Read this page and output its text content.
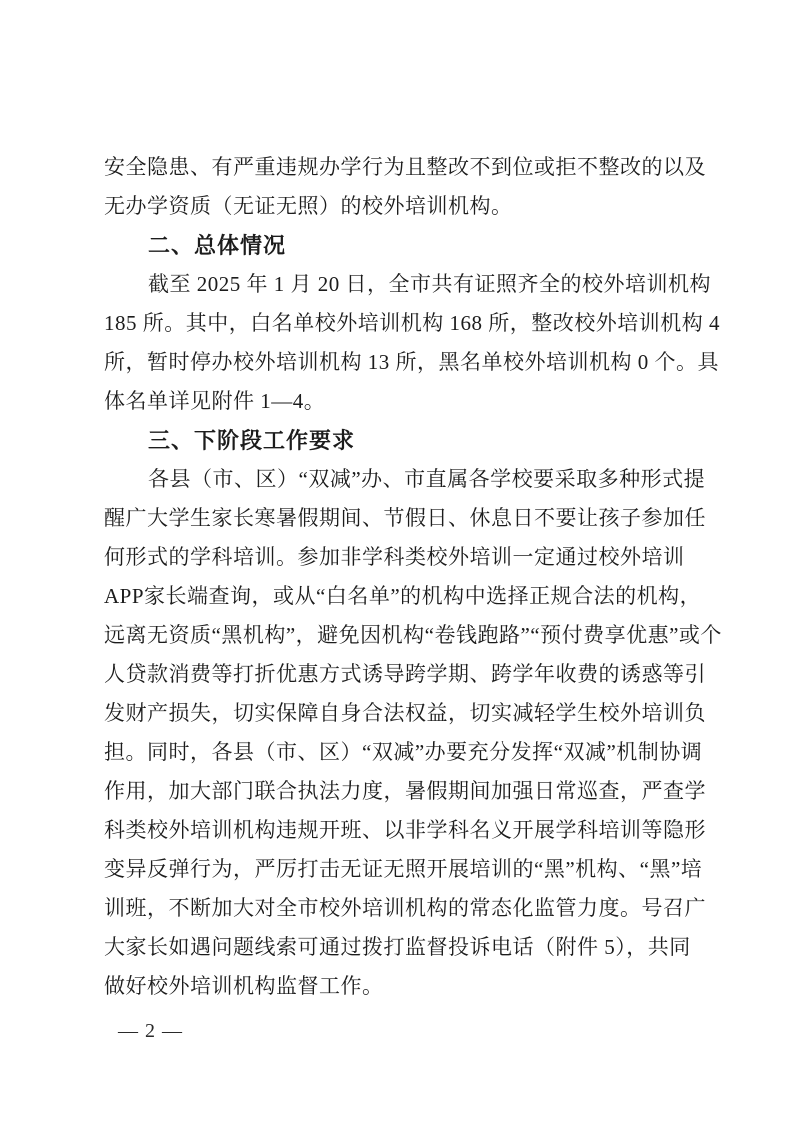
安全隐患、有严重违规办学行为且整改不到位或拒不整改的以及
无办学资质（无证无照）的校外培训机构。
二、总体情况
截至 2025 年 1 月 20 日，全市共有证照齐全的校外培训机构
185 所。其中，白名单校外培训机构 168 所，整改校外培训机构 4
所，暂时停办校外培训机构 13 所，黑名单校外培训机构 0 个。具
体名单详见附件 1—4。
三、下阶段工作要求
各县（市、区）“双减”办、市直属各学校要采取多种形式提
醒广大学生家长寒暑假期间、节假日、休息日不要让孩子参加任
何形式的学科培训。参加非学科类校外培训一定通过校外培训
APP家长端查询，或从“白名单”的机构中选择正规合法的机构，
远离无资质“黑机构”，避免因机构“卷钱跑路”“预付费享优惠”或个
人贷款消费等打折优惠方式诱导跨学期、跨学年收费的诱惑等引
发财产损失，切实保障自身合法权益，切实减轻学生校外培训负
担。同时，各县（市、区）“双减”办要充分发挥“双减”机制协调
作用，加大部门联合执法力度，暑假期间加强日常巡查，严查学
科类校外培训机构违规开班、以非学科名义开展学科培训等隐形
变异反弹行为，严厉打击无证无照开展培训的“黑”机构、“黑”培
训班，不断加大对全市校外培训机构的常态化监管力度。号召广
大家长如遇问题线索可通过拨打监督投诉电话（附件 5），共同
做好校外培训机构监督工作。
— 2 —
